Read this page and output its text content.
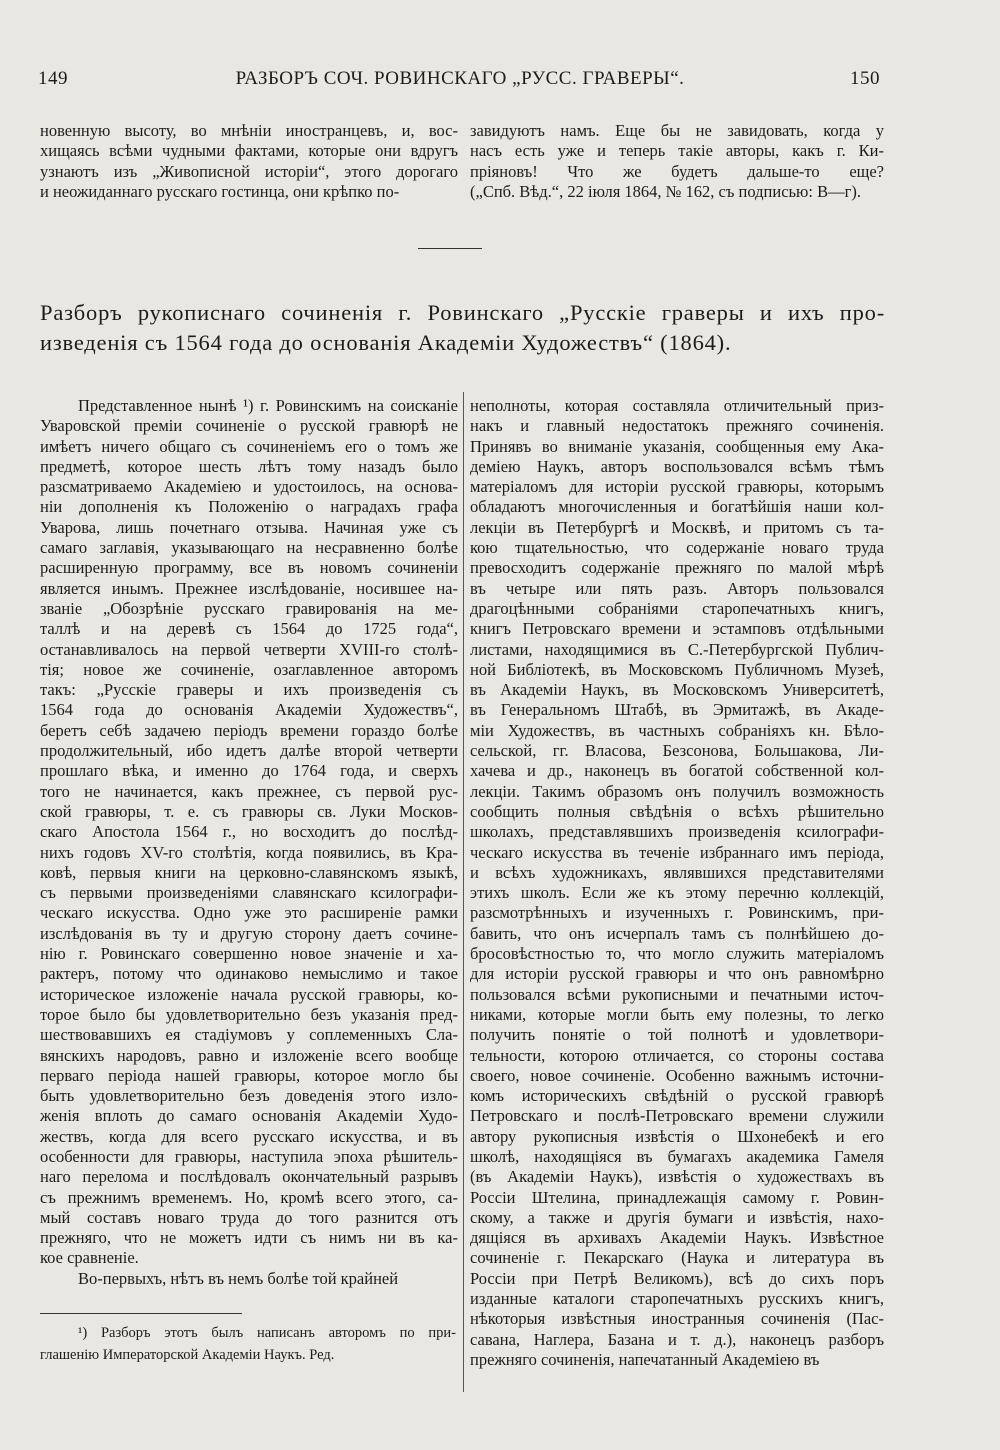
149	РАЗБОРЪ СОЧ. РОВИНСКАГО „РУСС. ГРАВЕРЫ“.	150
новенную высоту, во мнѣніи иностранцевъ, и, вос-
хищаясь всѣми чудными фактами, которые они вдругъ
узнаютъ изъ „Живописной исторіи“, этого дорогаго
и неожиданнаго русскаго гостинца, они крѣпко по-
завидуютъ намъ. Еще бы не завидовать, когда у
насъ есть уже и теперь такіе авторы, какъ г. Ки-
пріяновъ! Что же будетъ дальше-то еще?
(„Спб. Вѣд.“, 22 іюля 1864, № 162, съ подписью: В—г).
Разборъ рукописнаго сочиненія г. Ровинскаго „Русскіе граверы и ихъ про-
изведенія съ 1564 года до основанія Академіи Художествъ“ (1864).
Представленное нынѣ ¹) г. Ровинскимъ на соисканіе
Уваровской преміи сочиненіе о русской гравюрѣ не
имѣетъ ничего общаго съ сочиненіемъ его о томъ же
предметѣ, которое шесть лѣтъ тому назадъ было
разсматриваемо Академіею и удостоилось, на основа-
ніи дополненія къ Положенію о наградахъ графа
Уварова, лишь почетнаго отзыва. Начиная уже съ
самаго заглавія, указывающаго на несравненно болѣе
расширенную программу, все въ новомъ сочиненіи
является инымъ. Прежнее изслѣдованіе, носившее на-
званіе „Обозрѣніе русскаго гравированія на ме-
таллѣ и на деревѣ съ 1564 до 1725 года“,
останавливалось на первой четверти XVIII-го столѣ-
тія; новое же сочиненіе, озаглавленное авторомъ
такъ: „Русскіе граверы и ихъ произведенія съ
1564 года до основанія Академіи Художествъ“,
беретъ себѣ задачею періодъ времени гораздо болѣе
продолжительный, ибо идетъ далѣе второй четверти
прошлаго вѣка, и именно до 1764 года, и сверхъ
того не начинается, какъ прежнее, съ первой рус-
ской гравюры, т. е. съ гравюры св. Луки Москов-
скаго Апостола 1564 г., но восходитъ до послѣд-
нихъ годовъ XV-го столѣтія, когда появились, въ Кра-
ковѣ, первыя книги на церковно-славянскомъ языкѣ,
съ первыми произведеніями славянскаго ксилографи-
ческаго искусства. Одно уже это расширеніе рамки
изслѣдованія въ ту и другую сторону даетъ сочине-
нію г. Ровинскаго совершенно новое значеніе и ха-
рактеръ, потому что одинаково немыслимо и такое
историческое изложеніе начала русской гравюры, ко-
торое было бы удовлетворительно безъ указанія пред-
шествовавшихъ ея стадіумовъ у соплеменныхъ Сла-
вянскихъ народовъ, равно и изложеніе всего вообще
перваго періода нашей гравюры, которое могло бы
быть удовлетворительно безъ доведенія этого изло-
женія вплоть до самаго основанія Академіи Худо-
жествъ, когда для всего русскаго искусства, и въ
особенности для гравюры, наступила эпоха рѣшитель-
наго перелома и послѣдовалъ окончательный разрывъ
съ прежнимъ временемъ. Но, кромѣ всего этого, са-
мый составъ новаго труда до того разнится отъ
прежняго, что не можетъ идти съ нимъ ни въ ка-
кое сравненіе.
Во-первыхъ, нѣтъ въ немъ болѣе той крайней
неполноты, которая составляла отличительный приз-
накъ и главный недостатокъ прежняго сочиненія.
Принявъ во вниманіе указанія, сообщенныя ему Ака-
деміею Наукъ, авторъ воспользовался всѣмъ тѣмъ
матеріаломъ для исторіи русской гравюры, которымъ
обладаютъ многочисленныя и богатѣйшія наши кол-
лекціи въ Петербургѣ и Москвѣ, и притомъ съ та-
кою тщательностью, что содержаніе новаго труда
превосходитъ содержаніе прежняго по малой мѣрѣ
въ четыре или пять разъ. Авторъ пользовался
драгоцѣнными собраніями старопечатныхъ книгъ,
книгъ Петровскаго времени и эстамповъ отдѣльными
листами, находящимися въ С.-Петербургской Публич-
ной Библіотекѣ, въ Московскомъ Публичномъ Музеѣ,
въ Академіи Наукъ, въ Московскомъ Университетѣ,
въ Генеральномъ Штабѣ, въ Эрмитажѣ, въ Акаде-
міи Художествъ, въ частныхъ собраніяхъ кн. Бѣло-
сельской, гг. Власова, Безсонова, Большакова, Ли-
хачева и др., наконецъ въ богатой собственной кол-
лекціи. Такимъ образомъ онъ получилъ возможность
сообщить полныя свѣдѣнія о всѣхъ рѣшительно
школахъ, представлявшихъ произведенія ксилографи-
ческаго искусства въ теченіе избраннаго имъ періода,
и всѣхъ художникахъ, являвшихся представителями
этихъ школъ. Если же къ этому перечню коллекцій,
разсмотрѣнныхъ и изученныхъ г. Ровинскимъ, при-
бавить, что онъ исчерпалъ тамъ съ полнѣйшею до-
бросовѣстностью то, что могло служить матеріаломъ
для исторіи русской гравюры и что онъ равномѣрно
пользовался всѣми рукописными и печатными источ-
никами, которые могли быть ему полезны, то легко
получить понятіе о той полнотѣ и удовлетвори-
тельности, которою отличается, со стороны состава
своего, новое сочиненіе. Особенно важнымъ источни-
комъ историческихъ свѣдѣній о русской гравюрѣ
Петровскаго и послѣ-Петровскаго времени служили
автору рукописныя извѣстія о Шхонебекѣ и его
школѣ, находящіяся въ бумагахъ академика Гамеля
(въ Академіи Наукъ), извѣстія о художествахъ въ
Россіи Штелина, принадлежащія самому г. Ровин-
скому, а также и другія бумаги и извѣстія, нахо-
дящіяся въ архивахъ Академіи Наукъ. Извѣстное
сочиненіе г. Пекарскаго (Наука и литература въ
Россіи при Петрѣ Великомъ), всѣ до сихъ поръ
изданные каталоги старопечатныхъ русскихъ книгъ,
нѣкоторыя извѣстныя иностранныя сочиненія (Пас-
савана, Наглера, Базана и т. д.), наконецъ разборъ
прежняго сочиненія, напечатанный Академіею въ
¹) Разборъ этотъ былъ написанъ авторомъ по при-
глашенію Императорской Академіи Наукъ. Ред.
